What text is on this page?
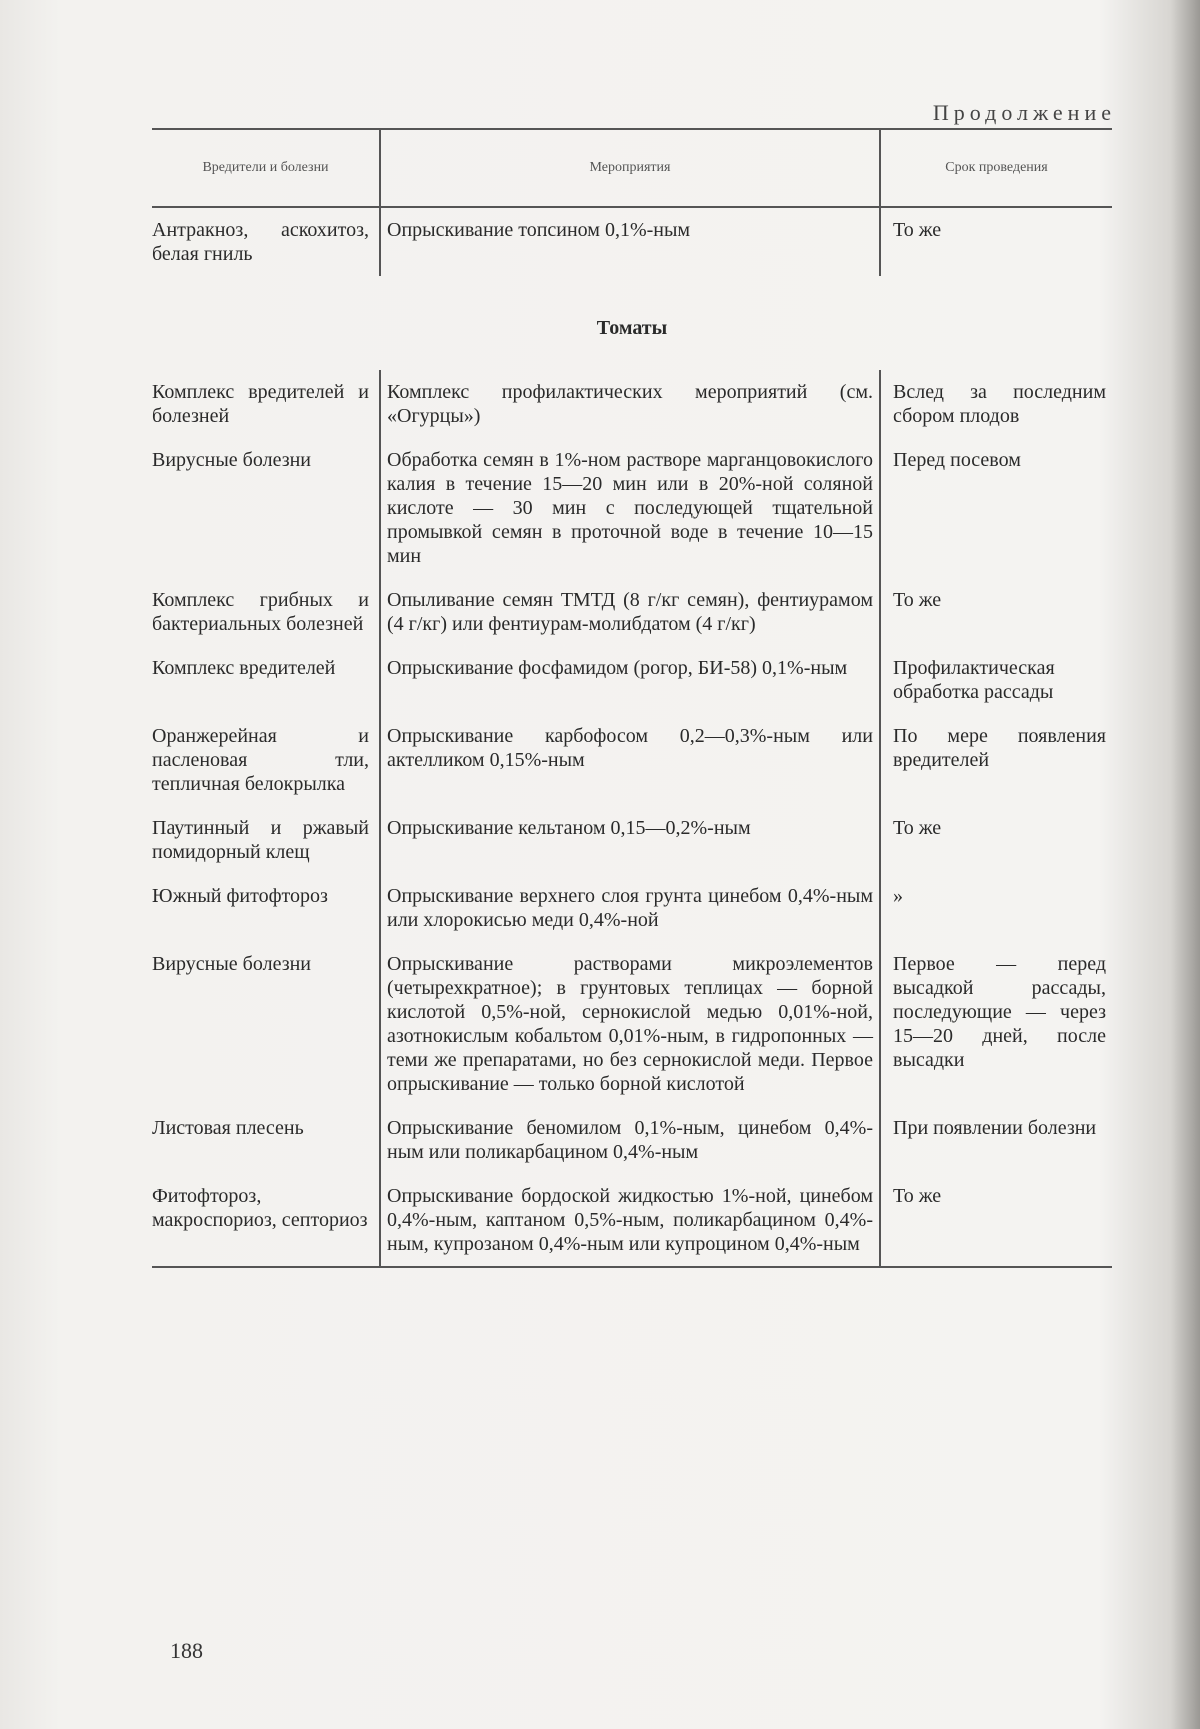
Продолжение
Вредители и болезни	Мероприятия	Срок проведения
Антракноз, аскохитоз, белая гниль	Опрыскивание топсином 0,1%-ным	То же
Томаты		
Комплекс вредителей и болезней	Комплекс профилактических мероприятий (см. «Огурцы»)	Вслед за последним сбором плодов
Вирусные болезни	Обработка семян в 1%-ном растворе марганцовокислого калия в течение 15—20 мин или в 20%-ной соляной кислоте — 30 мин с последующей тщательной промывкой семян в проточной воде в течение 10—15 мин	Перед посевом
Комплекс грибных и бактериальных болезней	Опыливание семян ТМТД (8 г/кг семян), фентиурамом (4 г/кг) или фентиурам-молибдатом (4 г/кг)	То же
Комплекс вредителей	Опрыскивание фосфамидом (рогор, БИ-58) 0,1%-ным	Профилактическая обработка рассады
Оранжерейная и пасленовая тли, тепличная белокрылка	Опрыскивание карбофосом 0,2—0,3%-ным или актелликом 0,15%-ным	По мере появления вредителей
Паутинный и ржавый помидорный клещ	Опрыскивание кельтаном 0,15—0,2%-ным	То же
Южный фитофтороз	Опрыскивание верхнего слоя грунта цинебом 0,4%-ным или хлорокисью меди 0,4%-ной	»
Вирусные болезни	Опрыскивание растворами микроэлементов (четырехкратное); в грунтовых теплицах — борной кислотой 0,5%-ной, сернокислой медью 0,01%-ной, азотнокислым кобальтом 0,01%-ным, в гидропонных — теми же препаратами, но без сернокислой меди. Первое опрыскивание — только борной кислотой	Первое — перед высадкой рассады, последующие — через 15—20 дней, после высадки
Листовая плесень	Опрыскивание беномилом 0,1%-ным, цинебом 0,4%-ным или поликарбацином 0,4%-ным	При появлении болезни
Фитофтороз, макроспориоз, септориоз	Опрыскивание бордоской жидкостью 1%-ной, цинебом 0,4%-ным, каптаном 0,5%-ным, поликарбацином 0,4%-ным, купрозаном 0,4%-ным или купроцином 0,4%-ным	То же
188
